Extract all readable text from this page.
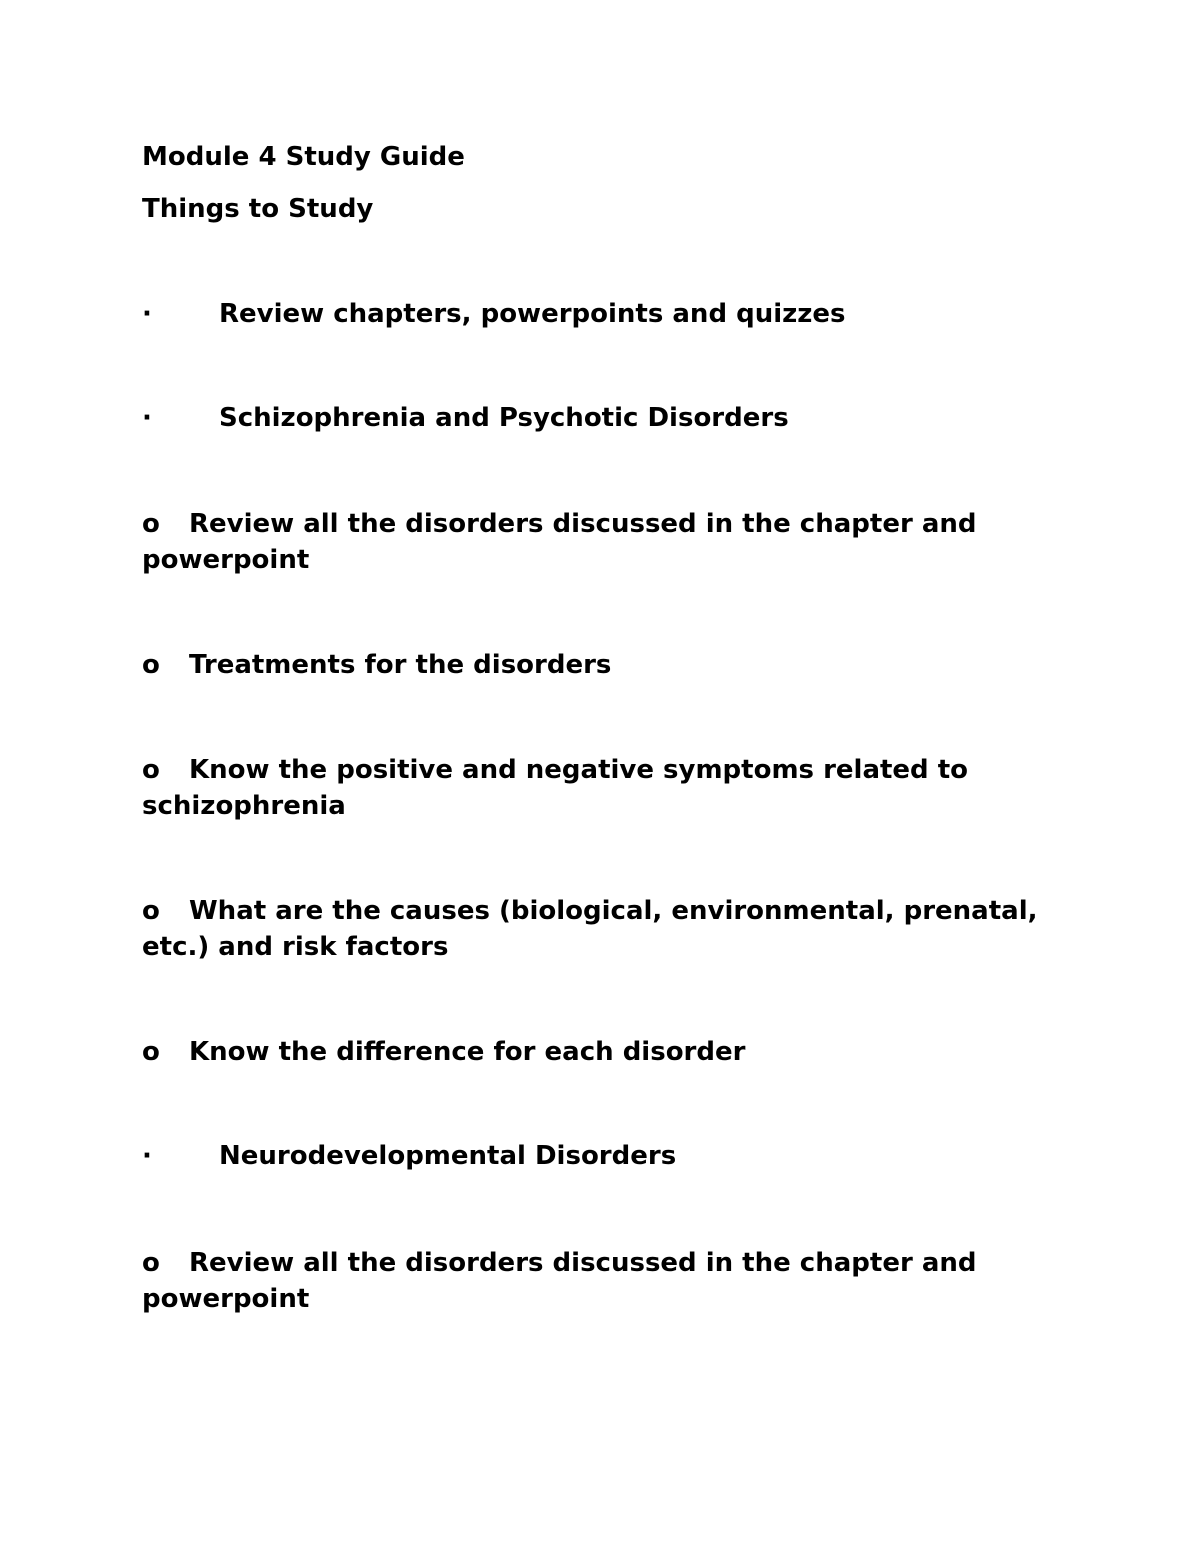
Module 4 Study Guide
Things to Study
·	Review chapters, powerpoints and quizzes
·	Schizophrenia and Psychotic Disorders
o Review all the disorders discussed in the chapter and powerpoint
o Treatments for the disorders
o Know the positive and negative symptoms related to schizophrenia
o What are the causes (biological, environmental, prenatal, etc.) and risk factors
o Know the difference for each disorder
·	Neurodevelopmental Disorders
o Review all the disorders discussed in the chapter and powerpoint
